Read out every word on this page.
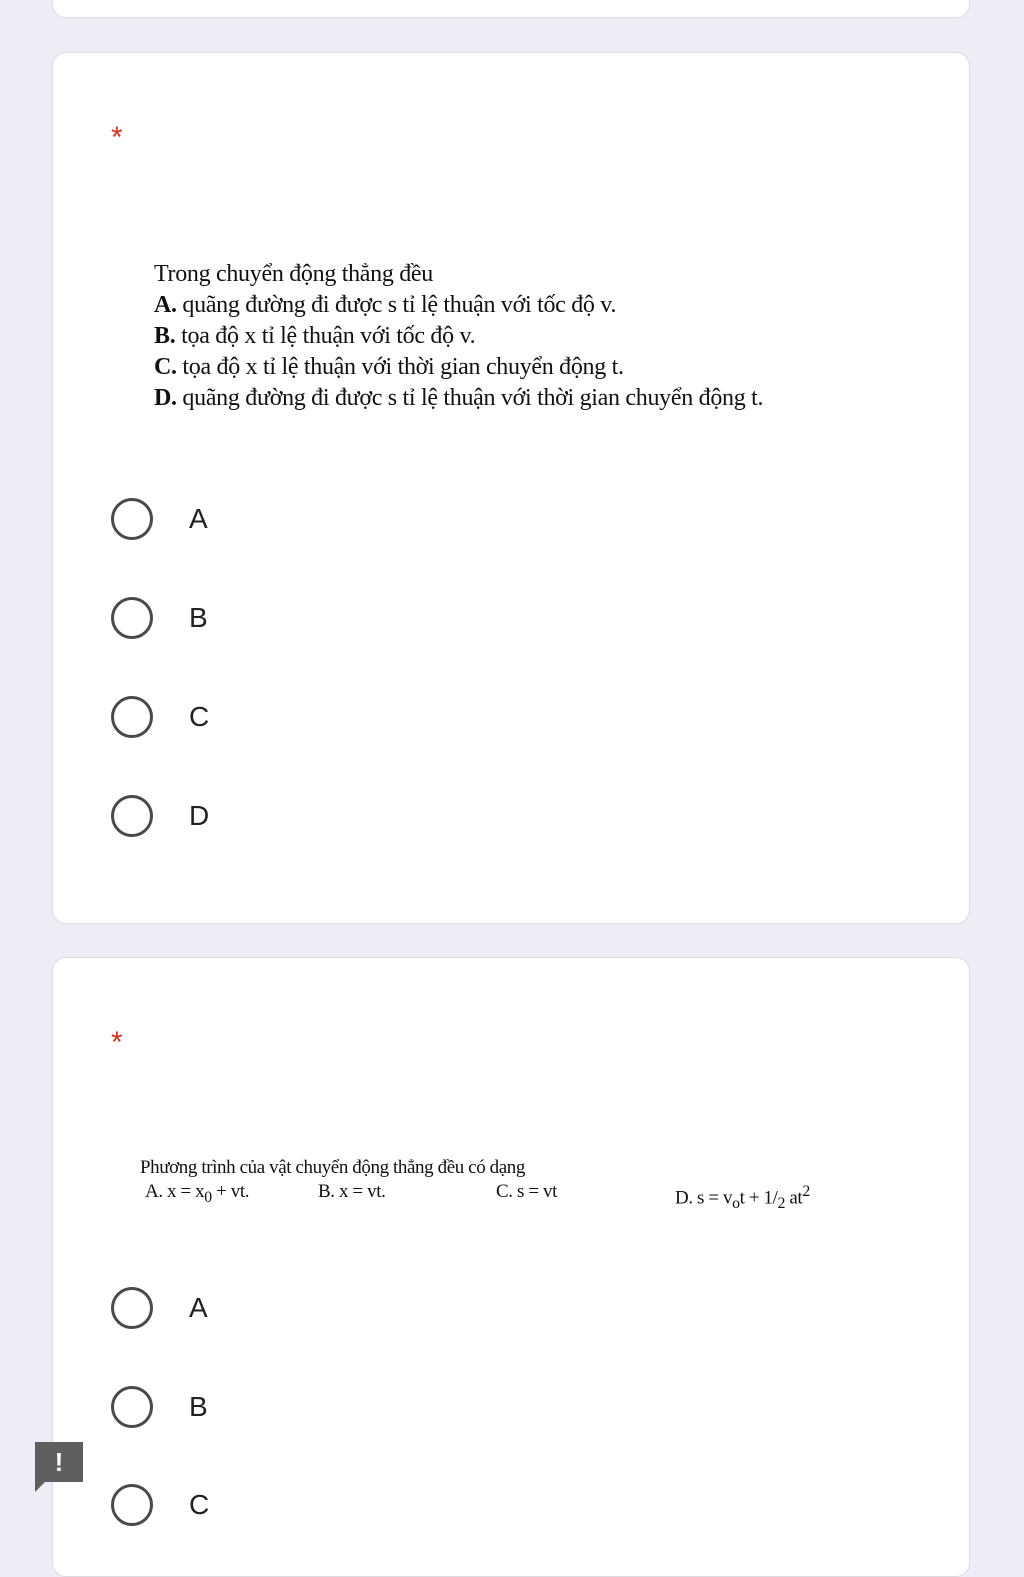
*
Trong chuyển động thẳng đều
A. quãng đường đi được s tỉ lệ thuận với tốc độ v.
B. tọa độ x tỉ lệ thuận với tốc độ v.
C. tọa độ x tỉ lệ thuận với thời gian chuyển động t.
D. quãng đường đi được s tỉ lệ thuận với thời gian chuyển động t.
A
B
C
D
*
Phương trình của vật chuyển động thẳng đều có dạng
A. $x = x_0$ + vt.	B. x = vt.	C. s = vt	D. $s = v_ot + 1/_2$ $at^2$
A
B
C
!
